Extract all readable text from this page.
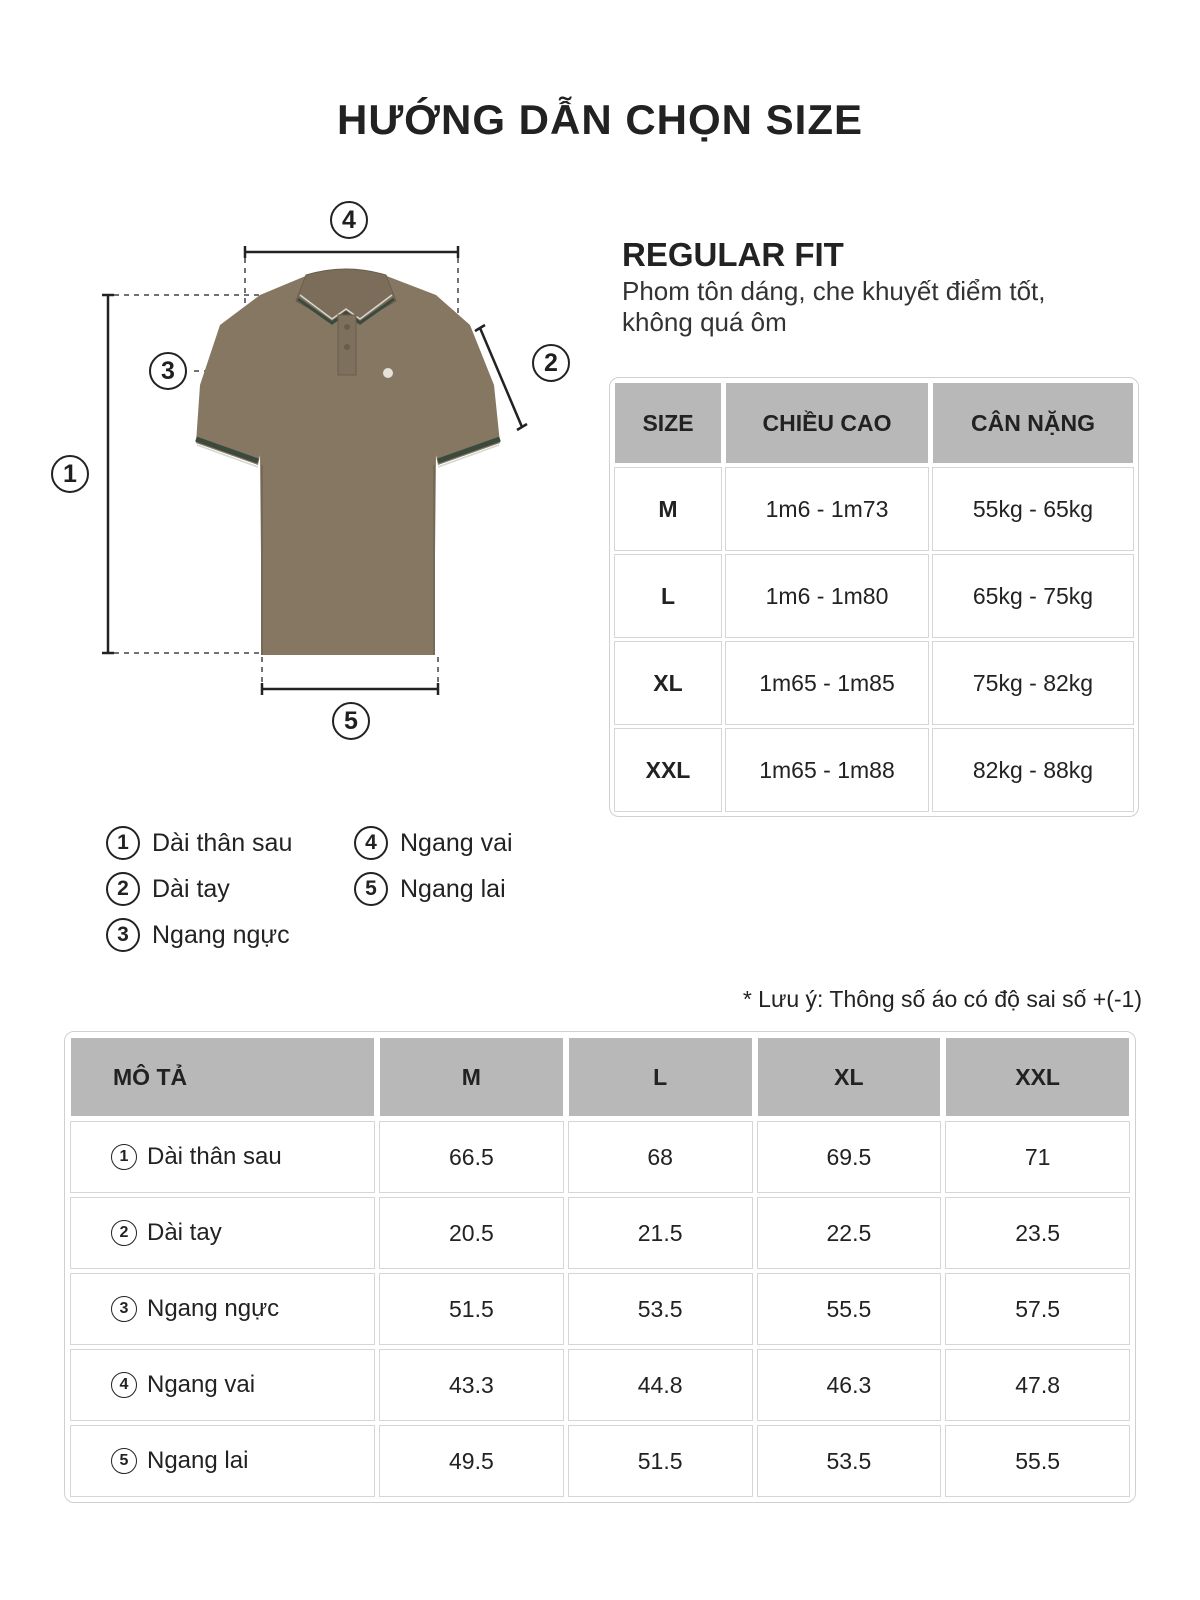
HƯỚNG DẪN CHỌN SIZE
1
2
3
4
5
REGULAR FIT
Phom tôn dáng, che khuyết điểm tốt,
không quá ôm
SIZE	CHIỀU CAO	CÂN NẶNG
M	1m6 - 1m73	55kg - 65kg
L	1m6 - 1m80	65kg - 75kg
XL	1m65 - 1m85	75kg - 82kg
XXL	1m65 - 1m88	82kg - 88kg
1 Dài thân sau
2 Dài tay
3 Ngang ngực
4 Ngang vai
5 Ngang lai
* Lưu ý: Thông số áo có độ sai số +(-1)
MÔ TẢ	M	L	XL	XXL

1 Dài thân sau	66.5	68	69.5	71

2 Dài tay	20.5	21.5	22.5	23.5

3 Ngang ngực	51.5	53.5	55.5	57.5

4 Ngang vai	43.3	44.8	46.3	47.8

5 Ngang lai	49.5	51.5	53.5	55.5
